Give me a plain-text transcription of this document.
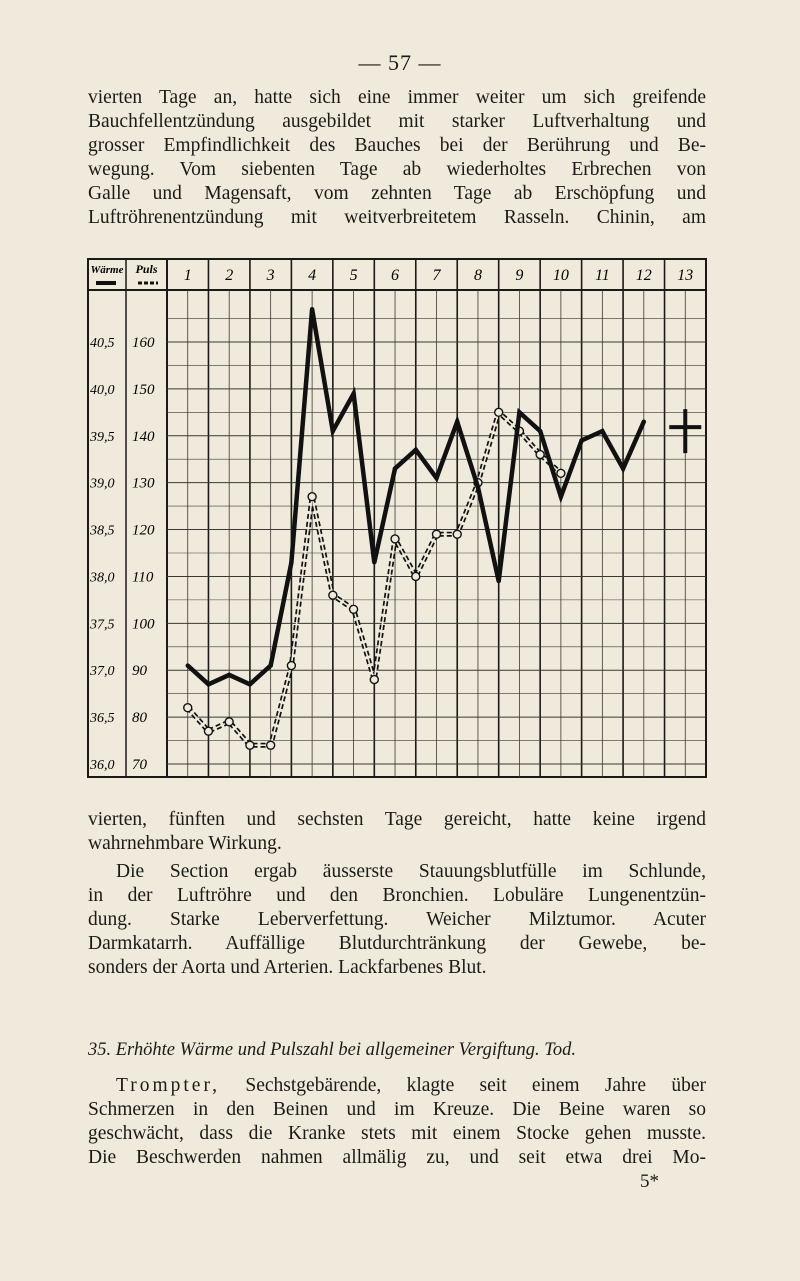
— 57 —

vierten Tage an, hatte sich eine immer weiter um sich greifende
Bauchfellentzündung ausgebildet mit starker Luftverhaltung und
grosser Empfindlichkeit des Bauches bei der Berührung und Be-
wegung. Vom siebenten Tage ab wiederholtes Erbrechen von
Galle und Magensaft, vom zehnten Tage ab Erschöpfung und
Luftröhrenentzündung mit weitverbreitetem Rasseln. Chinin, am

Wärme Puls 1 2 3 4 5 6 7 8 9 10 11 12 13
40,5
40,0
39,5
39,0
38,5
38,0
37,5
37,0
36,5
36,0
160
150
140
130
120
110
100
90
80
70

vierten, fünften und sechsten Tage gereicht, hatte keine irgend
wahrnehmbare Wirkung.

Die Section ergab äusserste Stauungsblutfülle im Schlunde,
in der Luftröhre und den Bronchien. Lobuläre Lungenentzün-
dung. Starke Leberverfettung. Weicher Milztumor. Acuter
Darmkatarrh. Auffällige Blutdurchtränkung der Gewebe, be-
sonders der Aorta und Arterien. Lackfarbenes Blut.

35. Erhöhte Wärme und Pulszahl bei allgemeiner Vergiftung. Tod.

Trompter, Sechstgebärende, klagte seit einem Jahre über
Schmerzen in den Beinen und im Kreuze. Die Beine waren so
geschwächt, dass die Kranke stets mit einem Stocke gehen musste.
Die Beschwerden nahmen allmälig zu, und seit etwa drei Mo-

5*
